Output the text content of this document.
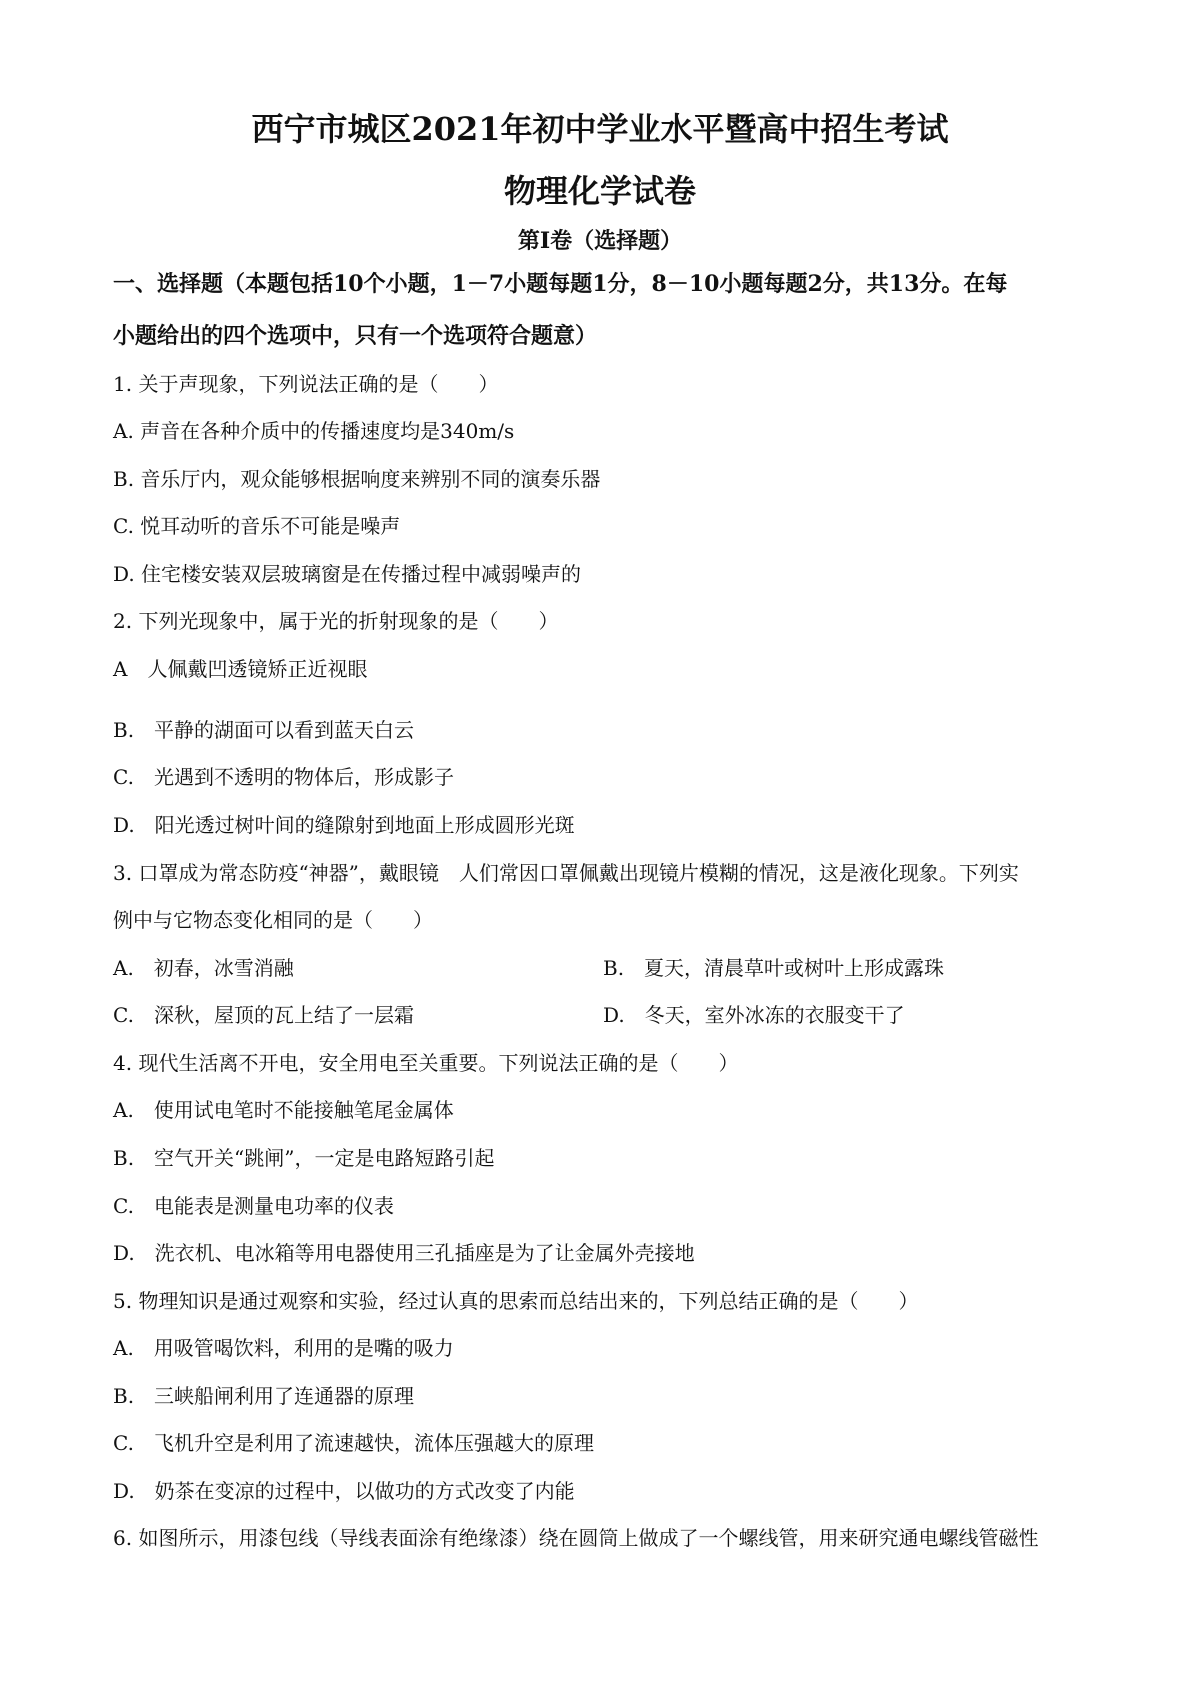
西宁市城区2021年初中学业水平暨高中招生考试
物理化学试卷
第Ⅰ卷（选择题）
一、选择题（本题包括10个小题，1－7小题每题1分，8－10小题每题2分，共13分。在每
小题给出的四个选项中，只有一个选项符合题意）
1. 关于声现象，下列说法正确的是（　　）
A. 声音在各种介质中的传播速度均是340m/s
B. 音乐厅内，观众能够根据响度来辨别不同的演奏乐器
C. 悦耳动听的音乐不可能是噪声
D. 住宅楼安装双层玻璃窗是在传播过程中减弱噪声的
2. 下列光现象中，属于光的折射现象的是（　　）
A　人佩戴凹透镜矫正近视眼
B.　平静的湖面可以看到蓝天白云
C.　光遇到不透明的物体后，形成影子
D.　阳光透过树叶间的缝隙射到地面上形成圆形光斑
3. 口罩成为常态防疫“神器”，戴眼镜　人们常因口罩佩戴出现镜片模糊的情况，这是液化现象。下列实
例中与它物态变化相同的是（　　）
A.　初春，冰雪消融	B.　夏天，清晨草叶或树叶上形成露珠
C.　深秋，屋顶的瓦上结了一层霜	D.　冬天，室外冰冻的衣服变干了
4. 现代生活离不开电，安全用电至关重要。下列说法正确的是（　　）
A.　使用试电笔时不能接触笔尾金属体
B.　空气开关“跳闸”，一定是电路短路引起
C.　电能表是测量电功率的仪表
D.　洗衣机、电冰箱等用电器使用三孔插座是为了让金属外壳接地
5. 物理知识是通过观察和实验，经过认真的思索而总结出来的，下列总结正确的是（　　）
A.　用吸管喝饮料，利用的是嘴的吸力
B.　三峡船闸利用了连通器的原理
C.　飞机升空是利用了流速越快，流体压强越大的原理
D.　奶茶在变凉的过程中，以做功的方式改变了内能
6. 如图所示，用漆包线（导线表面涂有绝缘漆）绕在圆筒上做成了一个螺线管，用来研究通电螺线管磁性
